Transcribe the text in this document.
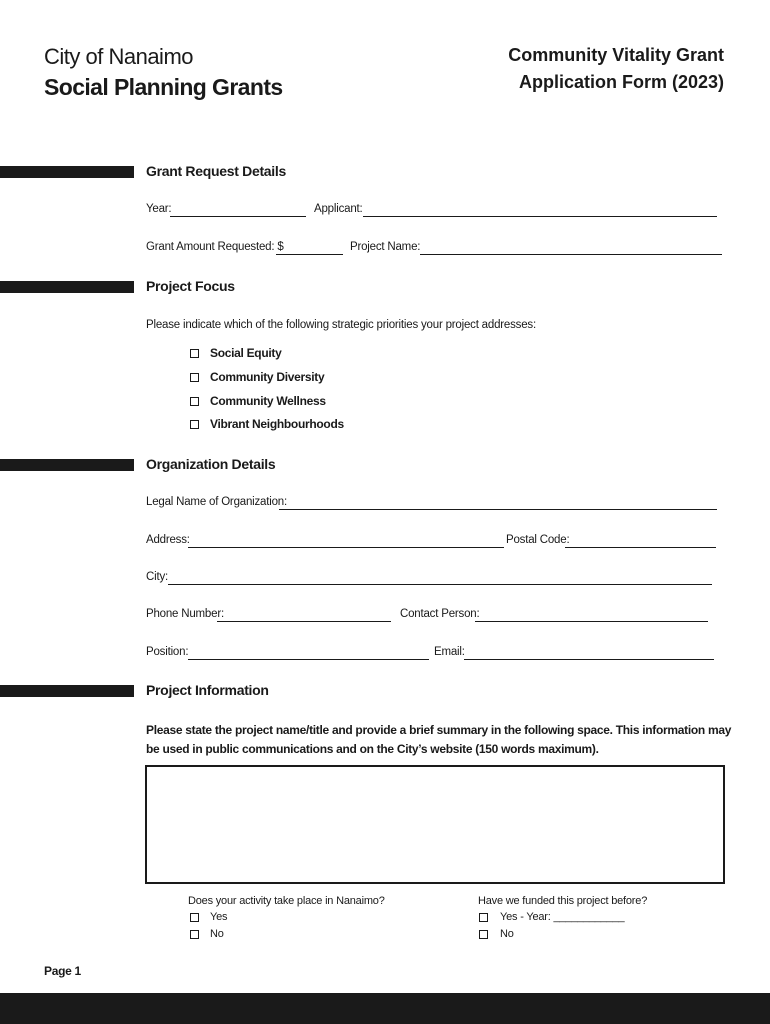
City of Nanaimo
Social Planning Grants
Community Vitality Grant
Application Form (2023)
Grant Request Details
Year:	Applicant:
Grant Amount Requested: $	Project Name:
Project Focus
Please indicate which of the following strategic priorities your project addresses:
Social Equity
Community Diversity
Community Wellness
Vibrant Neighbourhoods
Organization Details
Legal Name of Organization:
Address:	Postal Code:
City:
Phone Number:	Contact Person:
Position:	Email:
Project Information
Please state the project name/title and provide a brief summary in the following space. This information may
be used in public communications and on the City’s website (150 words maximum).
Does your activity take place in Nanaimo?
Yes
No
Have we funded this project before?
Yes - Year: ____________
No
Page 1
